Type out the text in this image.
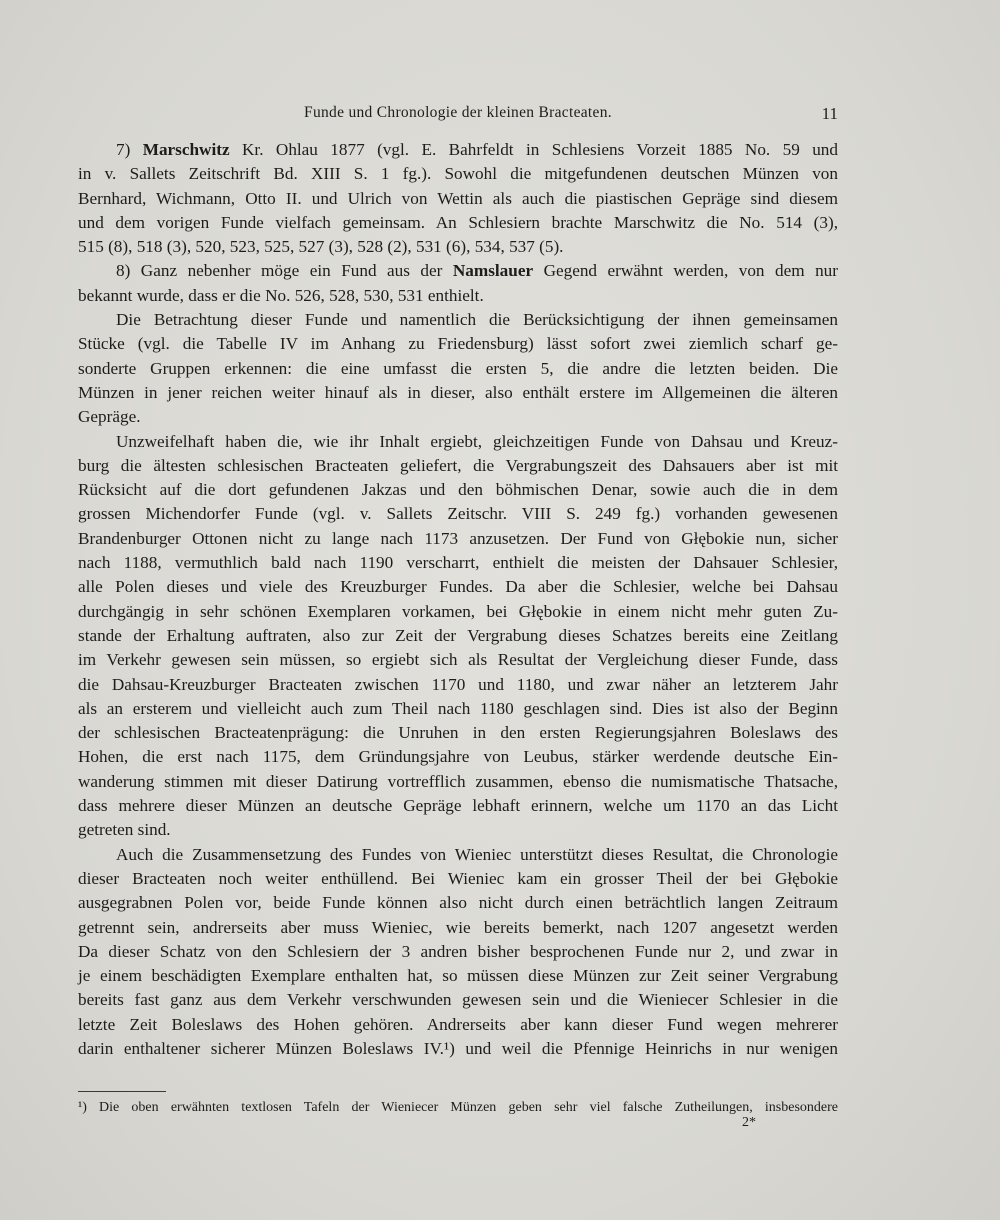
Funde und Chronologie der kleinen Bracteaten.	11
7) Marschwitz Kr. Ohlau 1877 (vgl. E. Bahrfeldt in Schlesiens Vorzeit 1885 No. 59 und
in v. Sallets Zeitschrift Bd. XIII S. 1 fg.). Sowohl die mitgefundenen deutschen Münzen von
Bernhard, Wichmann, Otto II. und Ulrich von Wettin als auch die piastischen Gepräge sind diesem
und dem vorigen Funde vielfach gemeinsam. An Schlesiern brachte Marschwitz die No. 514 (3),
515 (8), 518 (3), 520, 523, 525, 527 (3), 528 (2), 531 (6), 534, 537 (5).
8) Ganz nebenher möge ein Fund aus der Namslauer Gegend erwähnt werden, von dem nur
bekannt wurde, dass er die No. 526, 528, 530, 531 enthielt.
Die Betrachtung dieser Funde und namentlich die Berücksichtigung der ihnen gemeinsamen
Stücke (vgl. die Tabelle IV im Anhang zu Friedensburg) lässt sofort zwei ziemlich scharf ge-
sonderte Gruppen erkennen: die eine umfasst die ersten 5, die andre die letzten beiden. Die
Münzen in jener reichen weiter hinauf als in dieser, also enthält erstere im Allgemeinen die älteren
Gepräge.
Unzweifelhaft haben die, wie ihr Inhalt ergiebt, gleichzeitigen Funde von Dahsau und Kreuz-
burg die ältesten schlesischen Bracteaten geliefert, die Vergrabungszeit des Dahsauers aber ist mit
Rücksicht auf die dort gefundenen Jakzas und den böhmischen Denar, sowie auch die in dem
grossen Michendorfer Funde (vgl. v. Sallets Zeitschr. VIII S. 249 fg.) vorhanden gewesenen
Brandenburger Ottonen nicht zu lange nach 1173 anzusetzen. Der Fund von Głębokie nun, sicher
nach 1188, vermuthlich bald nach 1190 verscharrt, enthielt die meisten der Dahsauer Schlesier,
alle Polen dieses und viele des Kreuzburger Fundes. Da aber die Schlesier, welche bei Dahsau
durchgängig in sehr schönen Exemplaren vorkamen, bei Głębokie in einem nicht mehr guten Zu-
stande der Erhaltung auftraten, also zur Zeit der Vergrabung dieses Schatzes bereits eine Zeitlang
im Verkehr gewesen sein müssen, so ergiebt sich als Resultat der Vergleichung dieser Funde, dass
die Dahsau-Kreuzburger Bracteaten zwischen 1170 und 1180, und zwar näher an letzterem Jahr
als an ersterem und vielleicht auch zum Theil nach 1180 geschlagen sind. Dies ist also der Beginn
der schlesischen Bracteatenprägung: die Unruhen in den ersten Regierungsjahren Boleslaws des
Hohen, die erst nach 1175, dem Gründungsjahre von Leubus, stärker werdende deutsche Ein-
wanderung stimmen mit dieser Datirung vortrefflich zusammen, ebenso die numismatische Thatsache,
dass mehrere dieser Münzen an deutsche Gepräge lebhaft erinnern, welche um 1170 an das Licht
getreten sind.
Auch die Zusammensetzung des Fundes von Wieniec unterstützt dieses Resultat, die Chronologie
dieser Bracteaten noch weiter enthüllend. Bei Wieniec kam ein grosser Theil der bei Głębokie
ausgegrabnen Polen vor, beide Funde können also nicht durch einen beträchtlich langen Zeitraum
getrennt sein, andrerseits aber muss Wieniec, wie bereits bemerkt, nach 1207 angesetzt werden
Da dieser Schatz von den Schlesiern der 3 andren bisher besprochenen Funde nur 2, und zwar in
je einem beschädigten Exemplare enthalten hat, so müssen diese Münzen zur Zeit seiner Vergrabung
bereits fast ganz aus dem Verkehr verschwunden gewesen sein und die Wieniecer Schlesier in die
letzte Zeit Boleslaws des Hohen gehören. Andrerseits aber kann dieser Fund wegen mehrerer
darin enthaltener sicherer Münzen Boleslaws IV.¹) und weil die Pfennige Heinrichs in nur wenigen
¹) Die oben erwähnten textlosen Tafeln der Wieniecer Münzen geben sehr viel falsche Zutheilungen, insbesondere
2*
